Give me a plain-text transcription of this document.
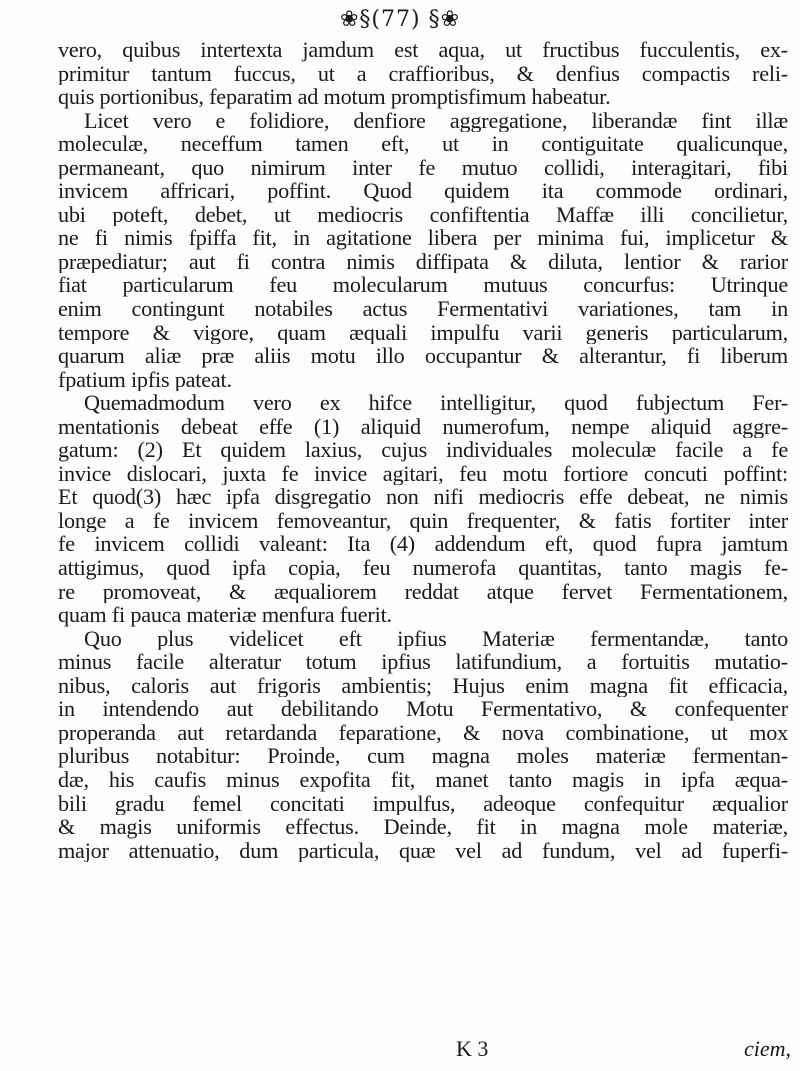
❀§(77) §❀
vero, quibus intertexta jamdum est aqua, ut fructibus fucculentis, ex-
primitur tantum fuccus, ut a craffioribus, & denfius compactis reli-
quis portionibus, feparatim ad motum promptisfimum habeatur.
Licet vero e folidiore, denfiore aggregatione, liberandæ fint illæ
moleculæ, neceffum tamen eft, ut in contiguitate qualicunque,
permaneant, quo nimirum inter fe mutuo collidi, interagitari, fibi
invicem affricari, poffint. Quod quidem ita commode ordinari,
ubi poteft, debet, ut mediocris confiftentia Maffæ illi concilietur,
ne fi nimis fpiffa fit, in agitatione libera per minima fui, implicetur &
præpediatur; aut fi contra nimis diffipata & diluta, lentior & rarior
fiat particularum feu molecularum mutuus concurfus: Utrinque
enim contingunt notabiles actus Fermentativi variationes, tam in
tempore & vigore, quam æquali impulfu varii generis particularum,
quarum aliæ præ aliis motu illo occupantur & alterantur, fi liberum
fpatium ipfis pateat.
Quemadmodum vero ex hifce intelligitur, quod fubjectum Fer-
mentationis debeat effe (1) aliquid numerofum, nempe aliquid aggre-
gatum: (2) Et quidem laxius, cujus individuales moleculæ facile a fe
invice dislocari, juxta fe invice agitari, feu motu fortiore concuti poffint:
Et quod(3) hæc ipfa disgregatio non nifi mediocris effe debeat, ne nimis
longe a fe invicem femoveantur, quin frequenter, & fatis fortiter inter
fe invicem collidi valeant: Ita (4) addendum eft, quod fupra jamtum
attigimus, quod ipfa copia, feu numerofa quantitas, tanto magis fe-
re promoveat, & æqualiorem reddat atque fervet Fermentationem,
quam fi pauca materiæ menfura fuerit.
Quo plus videlicet eft ipfius Materiæ fermentandæ, tanto
minus facile alteratur totum ipfius latifundium, a fortuitis mutatio-
nibus, caloris aut frigoris ambientis; Hujus enim magna fit efficacia,
in intendendo aut debilitando Motu Fermentativo, & confequenter
properanda aut retardanda feparatione, & nova combinatione, ut mox
pluribus notabitur: Proinde, cum magna moles materiæ fermentan-
dæ, his caufis minus expofita fit, manet tanto magis in ipfa æqua-
bili gradu femel concitati impulfus, adeoque confequitur æqualior
& magis uniformis effectus. Deinde, fit in magna mole materiæ,
major attenuatio, dum particula, quæ vel ad fundum, vel ad fuperfi-
K 3	ciem,
